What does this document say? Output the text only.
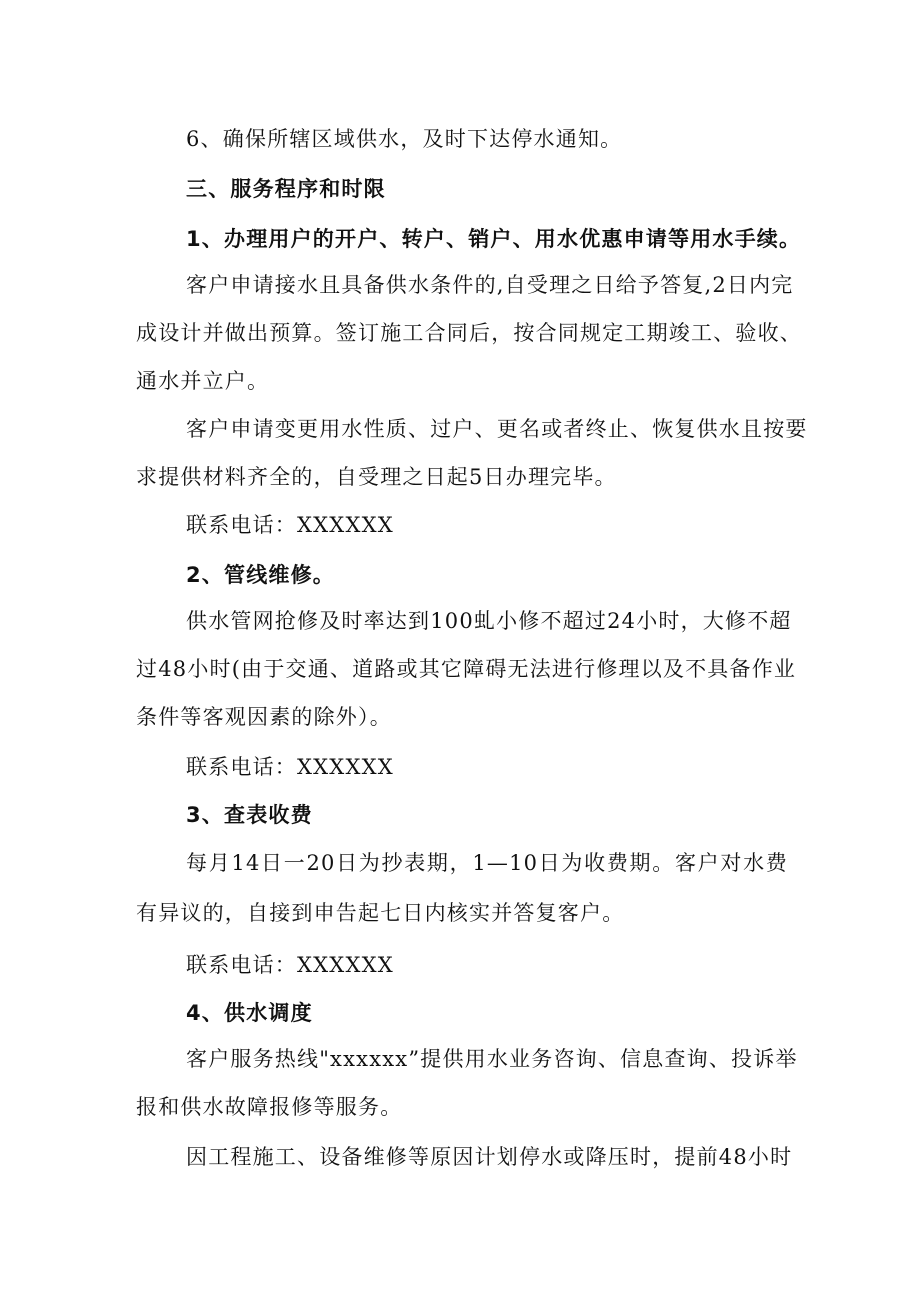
6、确保所辖区域供水，及时下达停水通知。
三、服务程序和时限
1、办理用户的开户、转户、销户、用水优惠申请等用水手续。
客户申请接水且具备供水条件的,自受理之日给予答复,2日内完
成设计并做出预算。签订施工合同后，按合同规定工期竣工、验收、
通水并立户。
客户申请变更用水性质、过户、更名或者终止、恢复供水且按要
求提供材料齐全的，自受理之日起5日办理完毕。
联系电话：XXXXXX
2、管线维修。
供水管网抢修及时率达到100虬小修不超过24小时，大修不超
过48小时(由于交通、道路或其它障碍无法进行修理以及不具备作业
条件等客观因素的除外）。
联系电话：XXXXXX
3、查表收费
每月14日一20日为抄表期，1—10日为收费期。客户对水费
有异议的，自接到申告起七日内核实并答复客户。
联系电话：XXXXXX
4、供水调度
客户服务热线"xxxxxx”提供用水业务咨询、信息查询、投诉举
报和供水故障报修等服务。
因工程施工、设备维修等原因计划停水或降压时，提前48小时
